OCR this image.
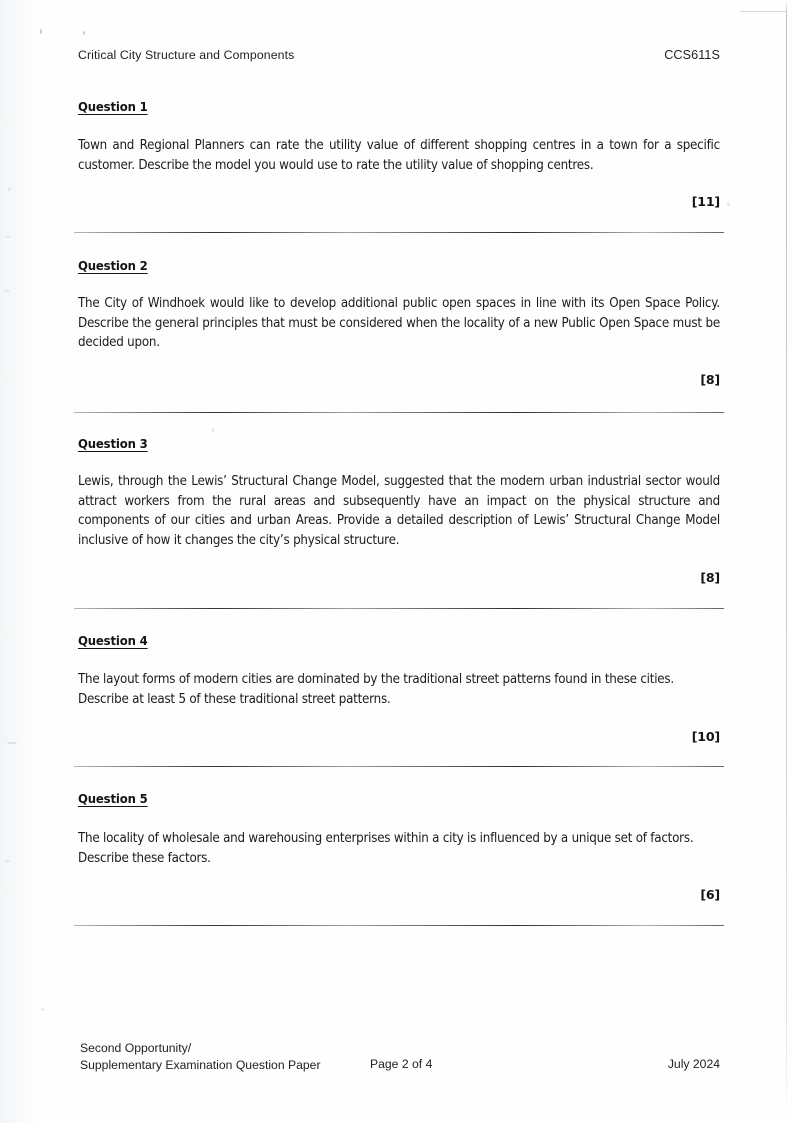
Critical City Structure and Components	CCS611S
Question 1
Town and Regional Planners can rate the utility value of different shopping centres in a town for a specific customer. Describe the model you would use to rate the utility value of shopping centres.
[11]
Question 2
The City of Windhoek would like to develop additional public open spaces in line with its Open Space Policy. Describe the general principles that must be considered when the locality of a new Public Open Space must be decided upon.
[8]
Question 3
Lewis, through the Lewis’ Structural Change Model, suggested that the modern urban industrial sector would attract workers from the rural areas and subsequently have an impact on the physical structure and components of our cities and urban Areas. Provide a detailed description of Lewis’ Structural Change Model inclusive of how it changes the city’s physical structure.
[8]
Question 4
The layout forms of modern cities are dominated by the traditional street patterns found in these cities. Describe at least 5 of these traditional street patterns.
[10]
Question 5
The locality of wholesale and warehousing enterprises within a city is influenced by a unique set of factors. Describe these factors.
[6]
Second Opportunity/
Supplementary Examination Question Paper	Page 2 of 4	July 2024
